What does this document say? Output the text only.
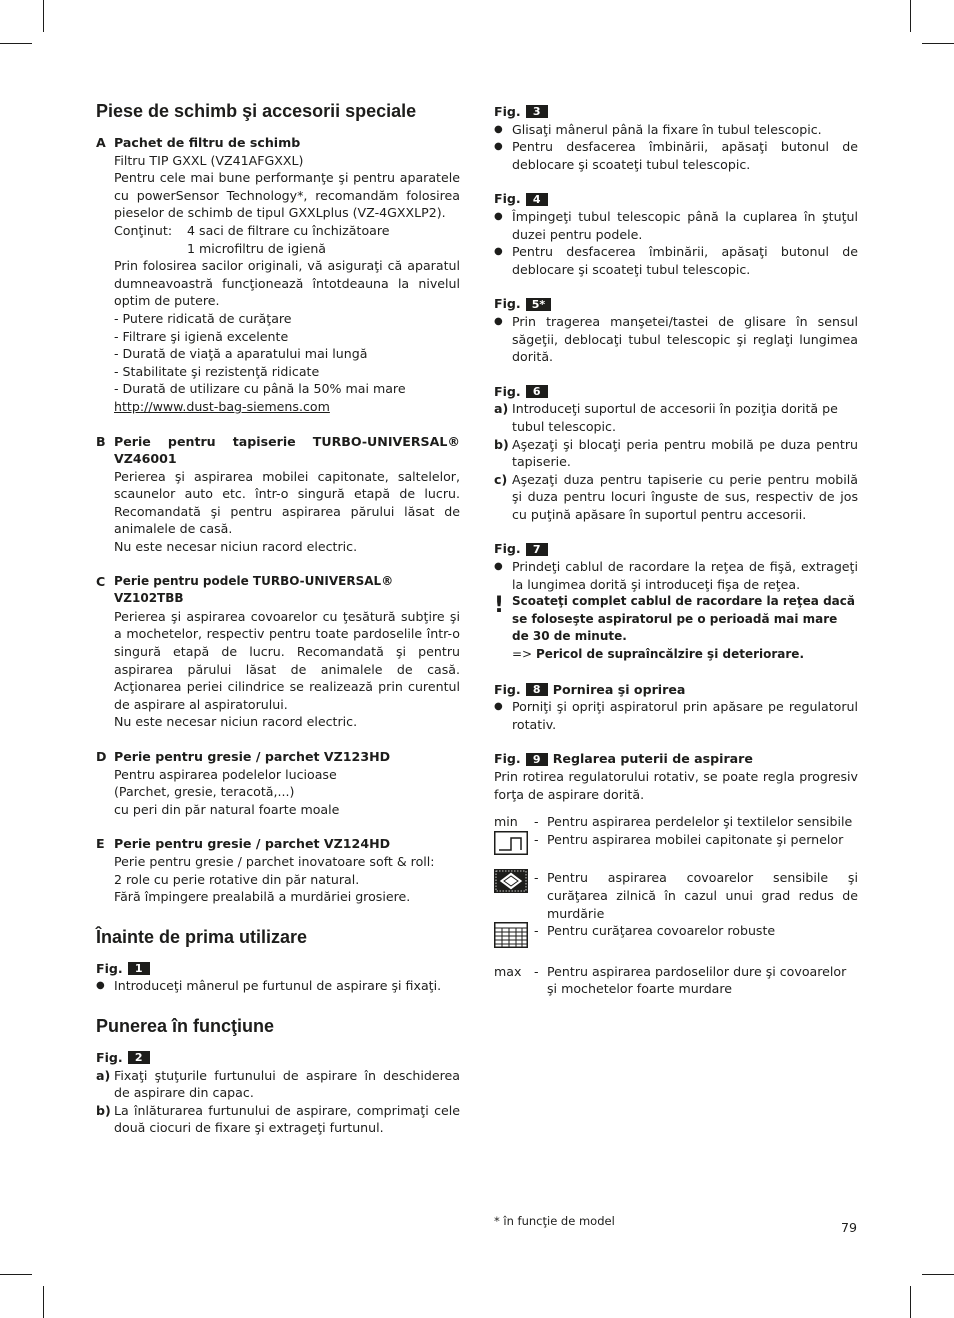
Piese de schimb şi accesorii speciale
A Pachet de filtru de schimb
Filtru TIP GXXL (VZ41AFGXXL)
Pentru cele mai bune performanţe şi pentru aparatele cu powerSensor Technology*, recomandăm folosirea pieselor de schimb de tipul GXXLplus (VZ-4GXXLP2).
Conţinut:	4 saci de filtrare cu închizătoare
1 microfiltru de igienă
Prin folosirea sacilor originali, vă asiguraţi că aparatul dumneavoastră funcţionează întotdeauna la nivelul optim de putere.
- Putere ridicată de curăţare
- Filtrare şi igienă excelente
- Durată de viaţă a aparatului mai lungă
- Stabilitate şi rezistenţă ridicate
- Durată de utilizare cu până la 50% mai mare
http://www.dust-bag-siemens.com
B Perie pentru tapiserie TURBO-UNIVERSAL® VZ46001
Perierea şi aspirarea mobilei capitonate, saltelelor, scaunelor auto etc. într-o singură etapă de lucru. Recomandată şi pentru aspirarea părului lăsat de animalele de casă.
Nu este necesar niciun racord electric.
C Perie pentru podele TURBO-UNIVERSAL® VZ102TBB
Perierea şi aspirarea covoarelor cu ţesătură subţire şi a mochetelor, respectiv pentru toate pardoselile într-o singură etapă de lucru. Recomandată şi pentru aspirarea părului lăsat de animalele de casă. Acţionarea periei cilindrice se realizează prin curentul de aspirare al aspiratorului.
Nu este necesar niciun racord electric.
D Perie pentru gresie / parchet VZ123HD
Pentru aspirarea podelelor lucioase
(Parchet, gresie, teracotă,...)
cu peri din păr natural foarte moale
E Perie pentru gresie / parchet VZ124HD
Perie pentru gresie / parchet inovatoare soft & roll:
2 role cu perie rotative din păr natural.
Fără împingere prealabilă a murdăriei grosiere.
Înainte de prima utilizare
Fig.	1
● Introduceţi mânerul pe furtunul de aspirare şi fixaţi.
Punerea în funcţiune
Fig.	2
a) Fixaţi ştuţurile furtunului de aspirare în deschiderea de aspirare din capac.
b) La înlăturarea furtunului de aspirare, comprimaţi cele două ciocuri de fixare şi extrageţi furtunul.
Fig.	3
● Glisaţi mânerul până la fixare în tubul telescopic.
● Pentru desfacerea îmbinării, apăsaţi butonul de deblocare şi scoateţi tubul telescopic.
Fig.	4
● Împingeţi tubul telescopic până la cuplarea în ştuţul duzei pentru podele.
● Pentru desfacerea îmbinării, apăsaţi butonul de deblocare şi scoateţi tubul telescopic.
Fig.	5*
● Prin tragerea manşetei/tastei de glisare în sensul săgeţii, deblocaţi tubul telescopic şi reglaţi lungimea dorită.
Fig.	6
a) Introduceţi suportul de accesorii în poziţia dorită pe tubul telescopic.
b) Aşezaţi şi blocaţi peria pentru mobilă pe duza pentru tapiserie.
c) Aşezaţi duza pentru tapiserie cu perie pentru mobilă şi duza pentru locuri înguste de sus, respectiv de jos cu puţină apăsare în suportul pentru accesorii.
Fig.	7
● Prindeţi cablul de racordare la reţea de fişă, extrageţi la lungimea dorită şi introduceţi fişa de reţea.
! Scoateţi complet cablul de racordare la reţea dacă se foloseşte aspiratorul pe o perioadă mai mare de 30 de minute.
=> Pericol de supraîncălzire şi deteriorare.
Fig.	8 Pornirea şi oprirea
● Porniţi şi opriţi aspiratorul prin apăsare pe regulatorul rotativ.
Fig.	9 Reglarea puterii de aspirare
Prin rotirea regulatorului rotativ, se poate regla progresiv forţa de aspirare dorită.
min	- Pentru aspirarea perdelelor şi textilelor sensibile
- Pentru aspirarea mobilei capitonate şi pernelor
- Pentru aspirarea covoarelor sensibile şi curăţarea zilnică în cazul unui grad redus de murdărie
- Pentru curăţarea covoarelor robuste
max - Pentru aspirarea pardoselilor dure şi covoarelor şi mochetelor foarte murdare
* în funcţie de model	79
